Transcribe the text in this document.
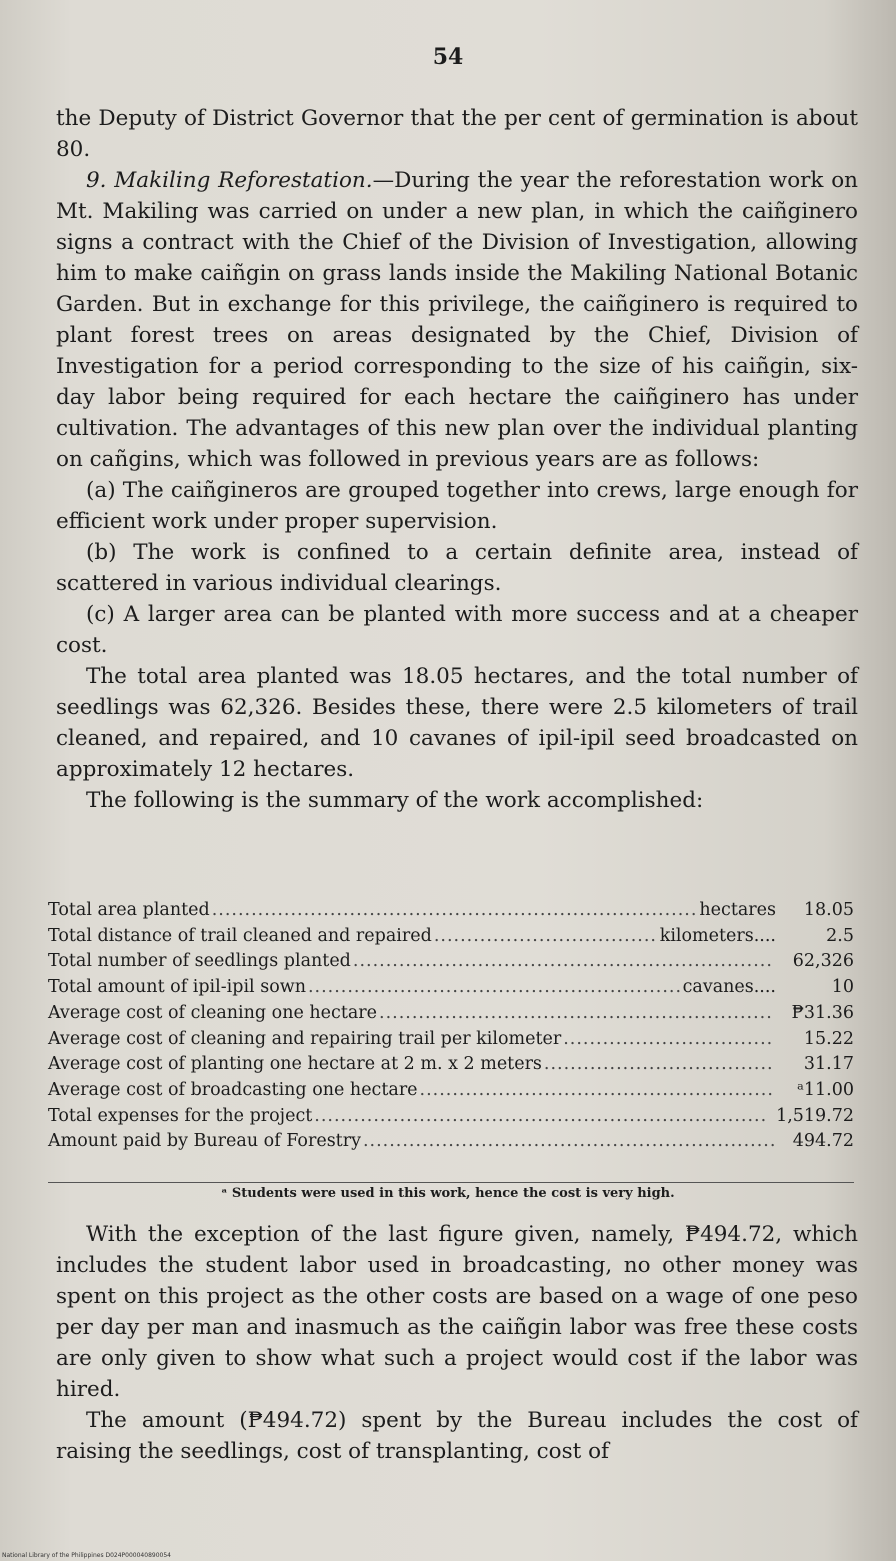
54

the Deputy of District Governor that the per cent of germination is about 80.

9. Makiling Reforestation.—During the year the reforestation work on Mt. Makiling was carried on under a new plan, in which the caiñginero signs a contract with the Chief of the Division of Investigation, allowing him to make caiñgin on grass lands inside the Makiling National Botanic Garden. But in exchange for this privilege, the caiñginero is required to plant forest trees on areas designated by the Chief, Division of Investigation for a period corresponding to the size of his caiñgin, six-day labor being required for each hectare the caiñginero has under cultivation. The advantages of this new plan over the individual planting on cañgins, which was followed in previous years are as follows:

(a) The caiñgineros are grouped together into crews, large enough for efficient work under proper supervision.

(b) The work is confined to a certain definite area, instead of scattered in various individual clearings.

(c) A larger area can be planted with more success and at a cheaper cost.

The total area planted was 18.05 hectares, and the total number of seedlings was 62,326. Besides these, there were 2.5 kilometers of trail cleaned, and repaired, and 10 cavanes of ipil-ipil seed broadcasted on approximately 12 hectares.

The following is the summary of the work accomplished:

Total area planted .....	hectares	18.05
Total distance of trail cleaned and repaired .....	kilometers....	2.5
Total number of seedlings planted .....	62,326
Total amount of ipil-ipil sown .....	cavanes....	10
Average cost of cleaning one hectare .....	₱31.36
Average cost of cleaning and repairing trail per kilometer .....	15.22
Average cost of planting one hectare at 2 m. x 2 meters .....	31.17
Average cost of broadcasting one hectare .....	ᵃ11.00
Total expenses for the project .....	1,519.72
Amount paid by Bureau of Forestry .....	494.72
ᵃ Students were used in this work, hence the cost is very high.

With the exception of the last figure given, namely, ₱494.72, which includes the student labor used in broadcasting, no other money was spent on this project as the other costs are based on a wage of one peso per day per man and inasmuch as the caiñgin labor was free these costs are only given to show what such a project would cost if the labor was hired.

The amount (₱494.72) spent by the Bureau includes the cost of raising the seedlings, cost of transplanting, cost of

National Library of the Philippines D024P000040890054
